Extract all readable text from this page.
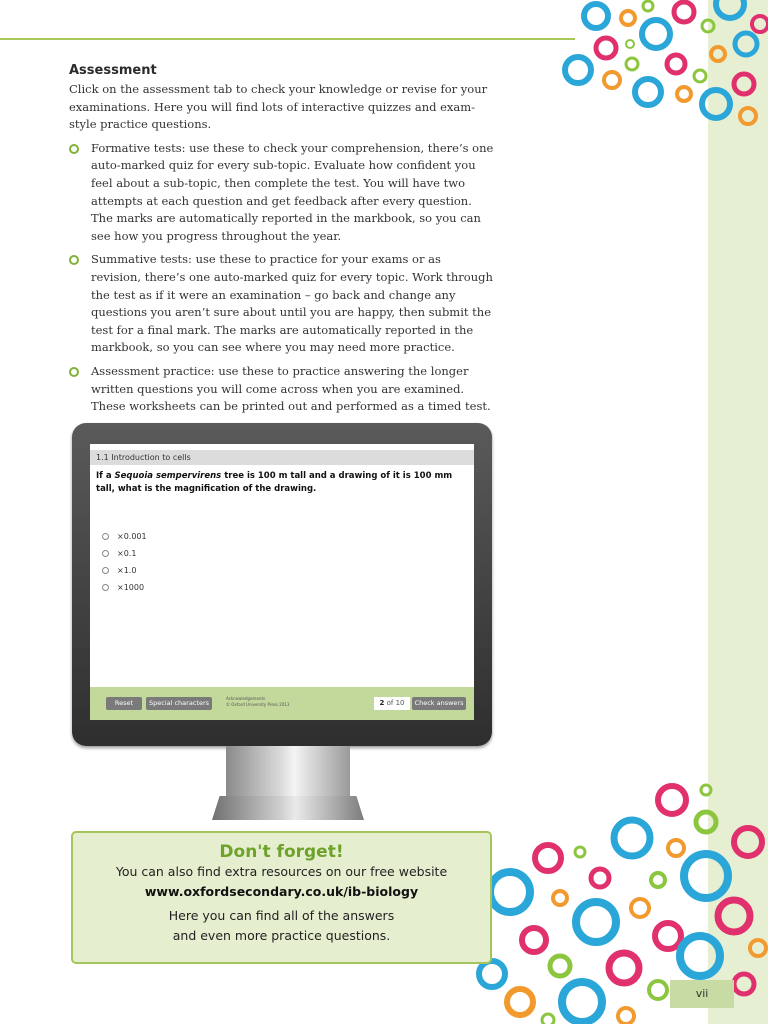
Assessment

Click on the assessment tab to check your knowledge or revise for your examinations. Here you will find lots of interactive quizzes and exam-style practice questions.

Formative tests: use these to check your comprehension, there’s one auto-marked quiz for every sub-topic. Evaluate how confident you feel about a sub-topic, then complete the test. You will have two attempts at each question and get feedback after every question. The marks are automatically reported in the markbook, so you can see how you progress throughout the year.
Summative tests: use these to practice for your exams or as revision, there’s one auto-marked quiz for every topic. Work through the test as if it were an examination – go back and change any questions you aren’t sure about until you are happy, then submit the test for a final mark. The marks are automatically reported in the markbook, so you can see where you may need more practice.
Assessment practice: use these to practice answering the longer written questions you will come across when you are examined. These worksheets can be printed out and performed as a timed test.
1.1 Introduction to cells
If a Sequoia sempervirens tree is 100 m tall and a drawing of it is 100 mm tall, what is the magnification of the drawing.
×0.001
×0.1
×1.0
×1000
Reset	Special characters
Acknowledgements
© Oxford University Press 2013	2 of 10	Check answers
Don't forget!
You can also find extra resources on our free website
www.oxfordsecondary.co.uk/ib-biology
Here you can find all of the answers
and even more practice questions.
vii
